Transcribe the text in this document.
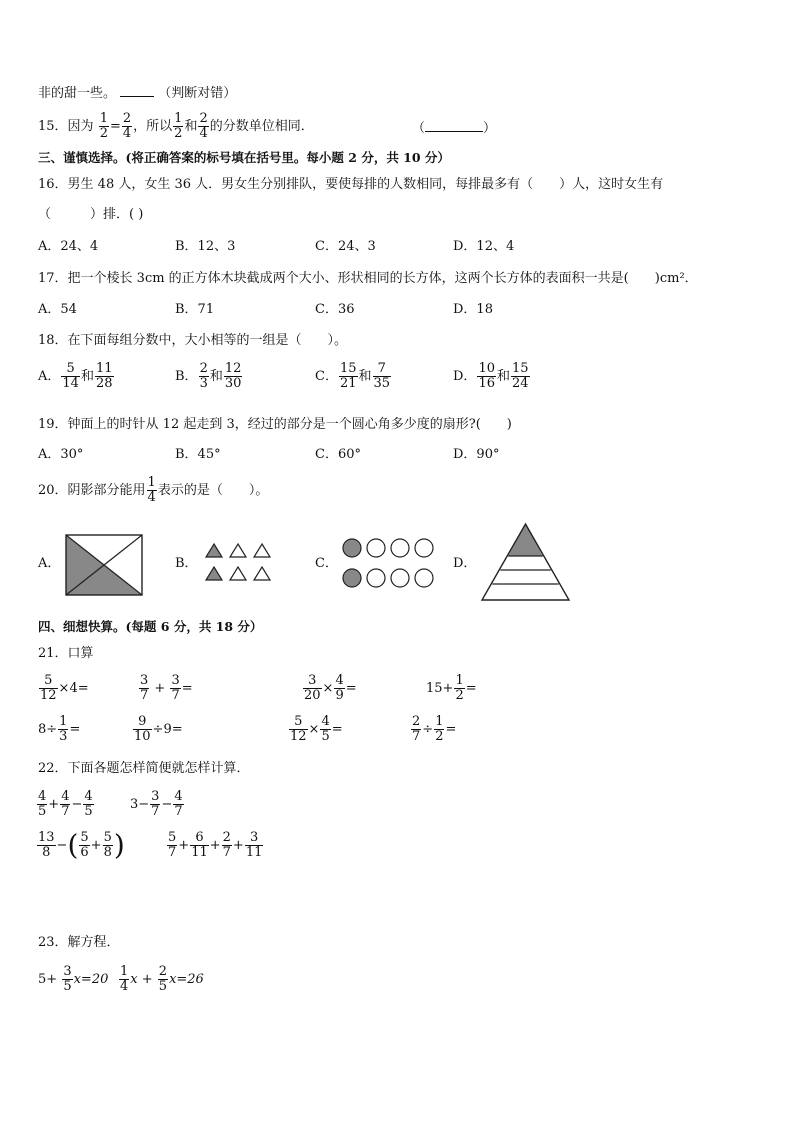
非的甜一些。	（判断对错）
15．因为 $\frac{1}{2} = \frac{2}{4}$ ，所以 $\frac{1}{2}$ 和 $\frac{2}{4}$ 的分数单位相同．	（	）
三、谨慎选择。(将正确答案的标号填在括号里。每小题 2 分，共 10 分）
16．男生 48 人，女生 36 人．男女生分别排队，要使每排的人数相同，每排最多有（　　）人，这时女生有
（　　　）排．( )
A．24、4	B．12、3	C．24、3	D．12、4
17．把一个棱长 3cm 的正方体木块截成两个大小、形状相同的长方体，这两个长方体的表面积一共是(　　)cm²．
A．54	B．71	C．36	D．18
18．在下面每组分数中，大小相等的一组是（　　）。
A． $\frac{5}{14}$ 和 $\frac{11}{28}$	B． $\frac{2}{3}$ 和 $\frac{12}{30}$	C． $\frac{15}{21}$ 和 $\frac{7}{35}$	D． $\frac{10}{16}$ 和 $\frac{15}{24}$
19．钟面上的时针从 12 起走到 3，经过的部分是一个圆心角多少度的扇形?(　　)
A．30°	B．45°	C．60°	D．90°
20．阴影部分能用 $\frac{1}{4}$ 表示的是（　　）。
A．	B．	C．	D．
四、细想快算。(每题 6 分，共 18 分）
21．口算
$\frac{5}{12} \times 4=$	$\frac{3}{7} + \frac{3}{7}$ =	$\frac{3}{20} \times \frac{4}{9}$ =	$15+ \frac{1}{2}$ =
$8\div \frac{1}{3}$ =	$\frac{9}{10} \div 9=$	$\frac{5}{12} \times \frac{4}{5}$ =	$\frac{2}{7} \div \frac{1}{2}$ =
22．下面各题怎样简便就怎样计算．
$\frac{4}{5} + \frac{4}{7} - \frac{4}{5}$	$3- \frac{3}{7} - \frac{4}{7}$
$\frac{13}{8}$ −( $\frac{5}{6} + \frac{5}{8}$ )	$\frac{5}{7} + \frac{6}{11} + \frac{2}{7} + \frac{3}{11}$
23．解方程．
$5+ \frac{3}{5} x=20 \frac{1}{4}$ $x + \frac{2}{5} x=26$
